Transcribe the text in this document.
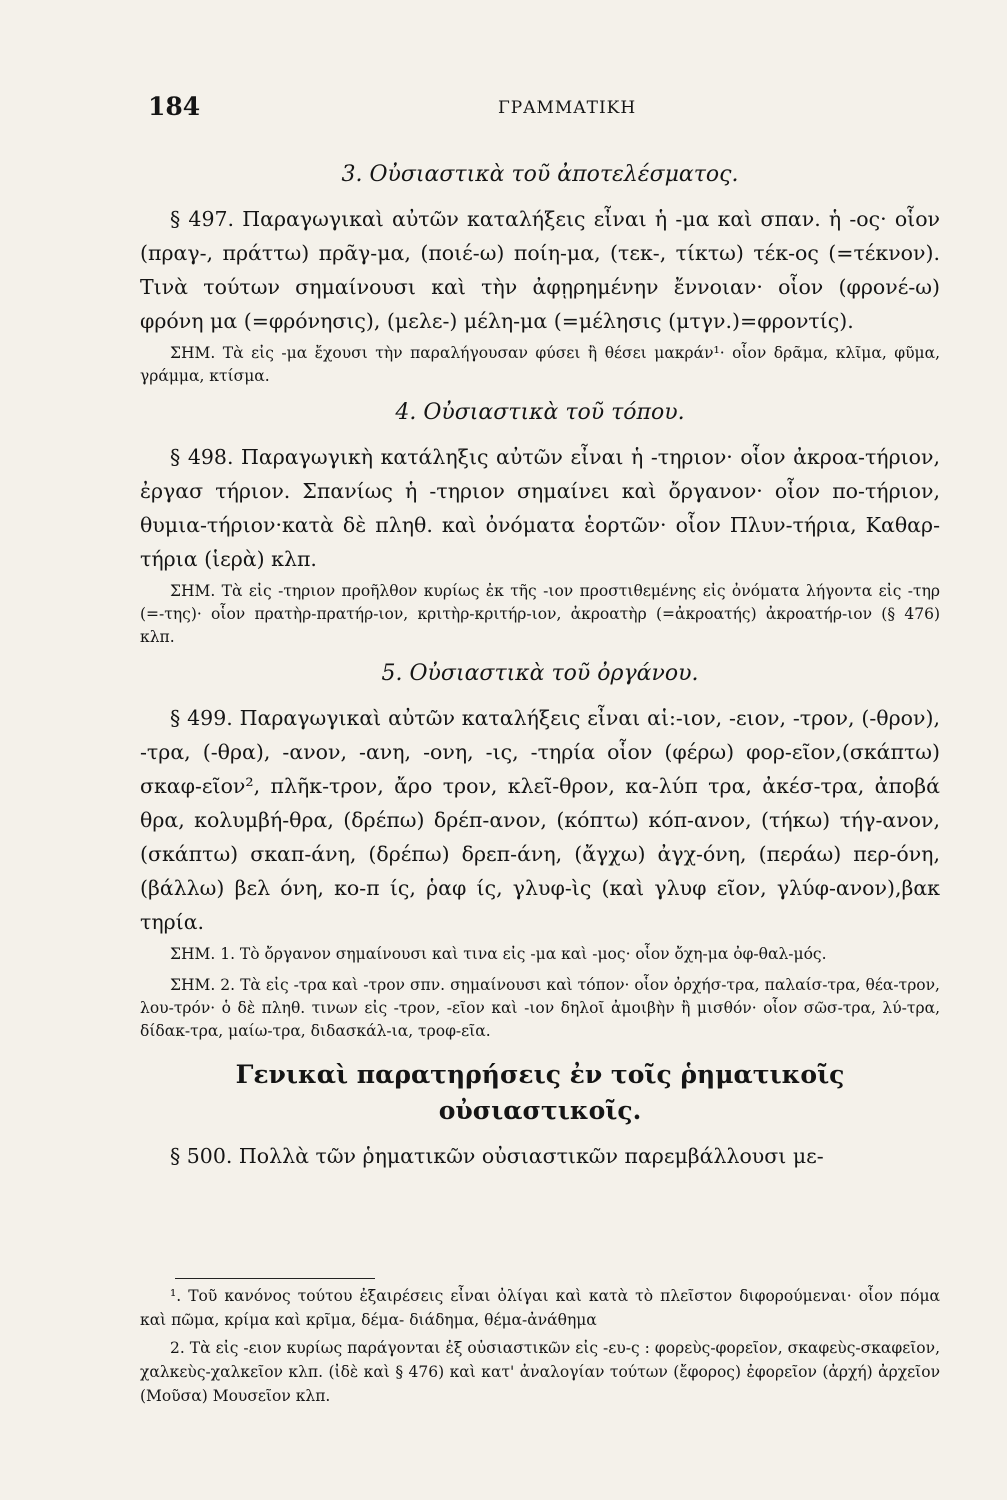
184	ΓΡΑΜΜΑΤΙΚΗ

3. Οὐσιαστικὰ τοῦ ἀποτελέσματος.

§ 497. Παραγωγικαὶ αὐτῶν καταλήξεις εἶναι ἡ -μα καὶ σπαν. ἡ -ος· οἷον (πραγ-, πράττω) πρᾶγ-μα, (ποιέ-ω) ποίη-μα, (τεκ-, τίκτω) τέκ-ος (=τέκνον). Τινὰ τούτων σημαίνουσι καὶ τὴν ἀφῃρημένην ἔννοιαν· οἷον (φρονέ-ω) φρόνη μα (=φρόνησις), (μελε-) μέλη-μα (=μέλησις (μτγν.)=φροντίς).

ΣΗΜ. Τὰ εἰς -μα ἔχουσι τὴν παραλήγουσαν φύσει ἢ θέσει μακράν¹· οἷον δρᾶμα, κλῖμα, φῦμα, γράμμα, κτίσμα.

4. Οὐσιαστικὰ τοῦ τόπου.

§ 498. Παραγωγικὴ κατάληξις αὐτῶν εἶναι ἡ -τηριον· οἷον ἀκροα-τήριον, ἐργασ τήριον. Σπανίως ἡ -τηριον σημαίνει καὶ ὄργανον· οἷον πο-τήριον, θυμια-τήριον·κατὰ δὲ πληθ. καὶ ὀνόματα ἑορτῶν· οἷον Πλυν-τήρια, Καθαρ-τήρια (ἱερὰ) κλπ.

ΣΗΜ. Τὰ εἰς -τηριον προῆλθον κυρίως ἐκ τῆς -ιον προστιθεμένης εἰς ὀνόματα λήγοντα εἰς -τηρ (=-της)· οἷον πρατὴρ-πρατήρ-ιον, κριτὴρ-κριτήρ-ιον, ἀκροατὴρ (=ἀκροατής) ἀκροατήρ-ιον (§ 476) κλπ.

5. Οὐσιαστικὰ τοῦ ὀργάνου.

§ 499. Παραγωγικαὶ αὐτῶν καταλήξεις εἶναι αἱ:-ιον, -ειον, -τρον, (-θρον), -τρα, (-θρα), -ανον, -ανη, -ονη, -ις, -τηρία οἷον (φέρω) φορ-εῖον,(σκάπτω) σκαφ-εῖον², πλῆκ-τρον, ἄρο τρον, κλεῖ-θρον, κα-λύπ τρα, ἀκέσ-τρα, ἀποβά θρα, κολυμβή-θρα, (δρέπω) δρέπ-ανον, (κόπτω) κόπ-ανον, (τήκω) τήγ-ανον, (σκάπτω) σκαπ-άνη, (δρέπω) δρεπ-άνη, (ἄγχω) ἀγχ-όνη, (περάω) περ-όνη, (βάλλω) βελ όνη, κο-π ίς, ῥαφ ίς, γλυφ-ὶς (καὶ γλυφ εῖον, γλύφ-ανον),βακ τηρία.

ΣΗΜ. 1. Τὸ ὄργανον σημαίνουσι καὶ τινα εἰς -μα καὶ -μος· οἷον ὄχη-μα ὀφ-θαλ-μός.

ΣΗΜ. 2. Τὰ εἰς -τρα καὶ -τρον σπν. σημαίνουσι καὶ τόπον· οἷον ὀρχήσ-τρα, παλαίσ-τρα, θέα-τρον, λου-τρόν· ὁ δὲ πληθ. τινων εἰς -τρον, -εῖον καὶ -ιον δηλοῖ ἀμοιβὴν ἢ μισθόν· οἷον σῶσ-τρα, λύ-τρα, δίδακ-τρα, μαίω-τρα, διδασκάλ-ια, τροφ-εῖα.

Γενικαὶ παρατηρήσεις ἐν τοῖς ῥηματικοῖς οὐσιαστικοῖς.

§ 500. Πολλὰ τῶν ῥηματικῶν οὐσιαστικῶν παρεμβάλλουσι με-

¹. Τοῦ κανόνος τούτου ἐξαιρέσεις εἶναι ὀλίγαι καὶ κατὰ τὸ πλεῖστον διφορούμεναι· οἷον πόμα καὶ πῶμα, κρίμα καὶ κρῖμα, δέμα- διάδημα, θέμα-ἀνάθημα

2. Τὰ εἰς -ειον κυρίως παράγονται ἐξ οὐσιαστικῶν εἰς -ευ-ς : φορεὺς-φορεῖον, σκαφεὺς-σκαφεῖον, χαλκεὺς-χαλκεῖον κλπ. (ἰδὲ καὶ § 476) καὶ κατ' ἀναλογίαν τούτων (ἔφορος) ἐφορεῖον (ἀρχή) ἀρχεῖον (Μοῦσα) Μουσεῖον κλπ.
